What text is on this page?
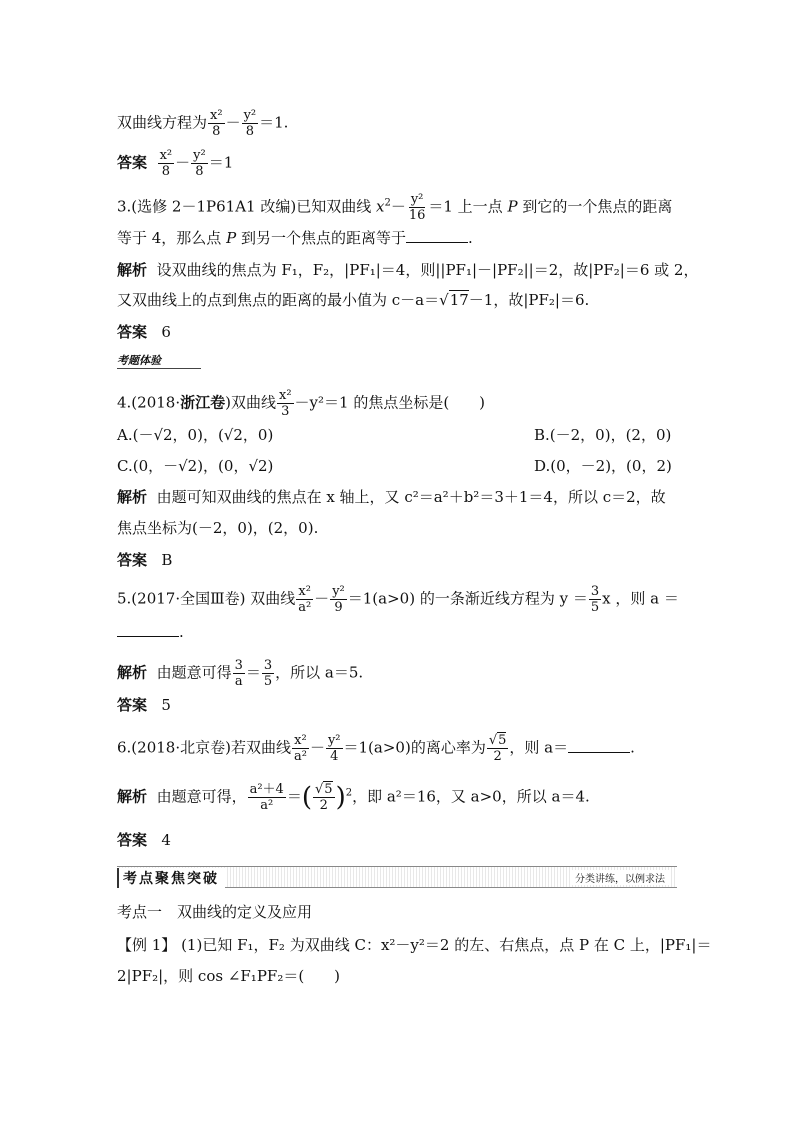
双曲线方程为 $\frac{\text{x²}}{8} - \frac{\text{y²}}{8} =1$.
答案 $\frac{\text{x²}}{8} - \frac{\text{y²}}{8} =1$
3.(选修 2－1P61A1 改编)已知双曲线 $x^2- \frac{\text{y²}}{16} =1$ 上一点 P 到它的一个焦点的距离
等于 4，那么点 P 到另一个焦点的距离等于	.
解析 设双曲线的焦点为 F₁，F₂，|PF₁|＝4，则||PF₁|－|PF₂||＝2，故|PF₂|＝6 或 2，
又双曲线上的点到焦点的距离的最小值为 c－a＝√17－1，故|PF₂|＝6.
答案 6
考题体验
4.(2018·浙江卷)双曲线 $\frac{\text{x²}}{3} -y^2=1$ 的焦点坐标是(　　)
A.(－√2，0)，(√2，0)	B.(－2，0)，(2，0)
C.(0，－√2)，(0，√2)	D.(0，－2)，(0，2)
解析 由题可知双曲线的焦点在 x 轴上，又 c²＝a²＋b²＝3＋1＝4，所以 c＝2，故
焦点坐标为(－2，0)，(2，0).
答案 B
5.(2017·全国Ⅲ卷) 双曲线 $\frac{\text{x²}}{\text{a²}} - \frac{\text{y²}}{9} =1(a>0)$ 的一条渐近线方程为 $y = \frac{3}{5}$ x ，则 a ＝
.
解析 由题意可得 $\frac{3}{a} = \frac{3}{5}$ ，所以 a＝5.
答案 5
6.(2018·北京卷)若双曲线 $\frac{\text{x²}}{\text{a²}} - \frac{\text{y²}}{4} =1(a>0)$的离心率为 $\frac{√5}{2}$ ，则 a＝	.
解析 由题意可得， $\frac{\text{a²＋4}}{\text{a²}}$ ＝( $\frac{√5}{2} )^2$，即 a²＝16，又 a>0，所以 a＝4.
答案 4
考点聚焦突破	分类讲练，以例求法
考点一　双曲线的定义及应用
【例 1】 (1)已知 F₁，F₂ 为双曲线 C：x²－y²＝2 的左、右焦点，点 P 在 C 上，|PF₁|＝
2|PF₂|，则 cos ∠F₁PF₂＝(　　)
